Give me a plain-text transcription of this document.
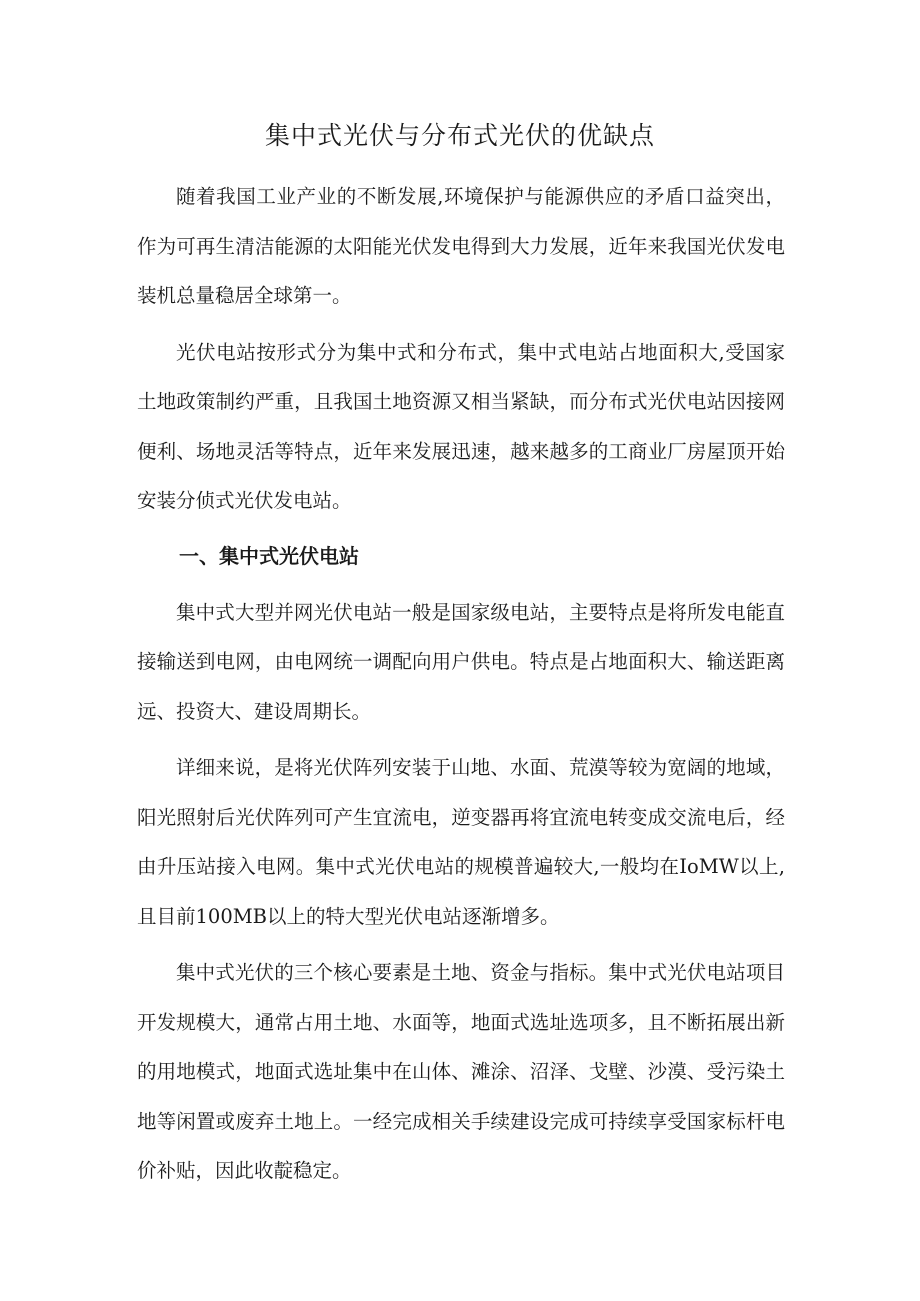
集中式光伏与分布式光伏的优缺点

随着我国工业产业的不断发展,环境保护与能源供应的矛盾口益突出，作为可再生清洁能源的太阳能光伏发电得到大力发展，近年来我国光伏发电装机总量稳居全球第一。

光伏电站按形式分为集中式和分布式，集中式电站占地面积大,受国家土地政策制约严重，且我国土地资源又相当紧缺，而分布式光伏电站因接网便利、场地灵活等特点，近年来发展迅速，越来越多的工商业厂房屋顶开始安装分侦式光伏发电站。

一、集中式光伏电站

集中式大型并网光伏电站一般是国家级电站，主要特点是将所发电能直接输送到电网，由电网统一调配向用户供电。特点是占地面积大、输送距离远、投资大、建设周期长。

详细来说，是将光伏阵列安装于山地、水面、荒漠等较为宽阔的地域，阳光照射后光伏阵列可产生宜流电，逆变器再将宜流电转变成交流电后，经由升压站接入电网。集中式光伏电站的规模普遍较大,一般均在IoMW以上,且目前100MB以上的特大型光伏电站逐渐增多。

集中式光伏的三个核心要素是土地、资金与指标。集中式光伏电站项目开发规模大，通常占用土地、水面等，地面式选址选项多，且不断拓展出新的用地模式，地面式选址集中在山体、滩涂、沼泽、戈壁、沙漠、受污染土地等闲置或废弃土地上。一经完成相关手续建设完成可持续享受国家标杆电价补贴，因此收靛稳定。
